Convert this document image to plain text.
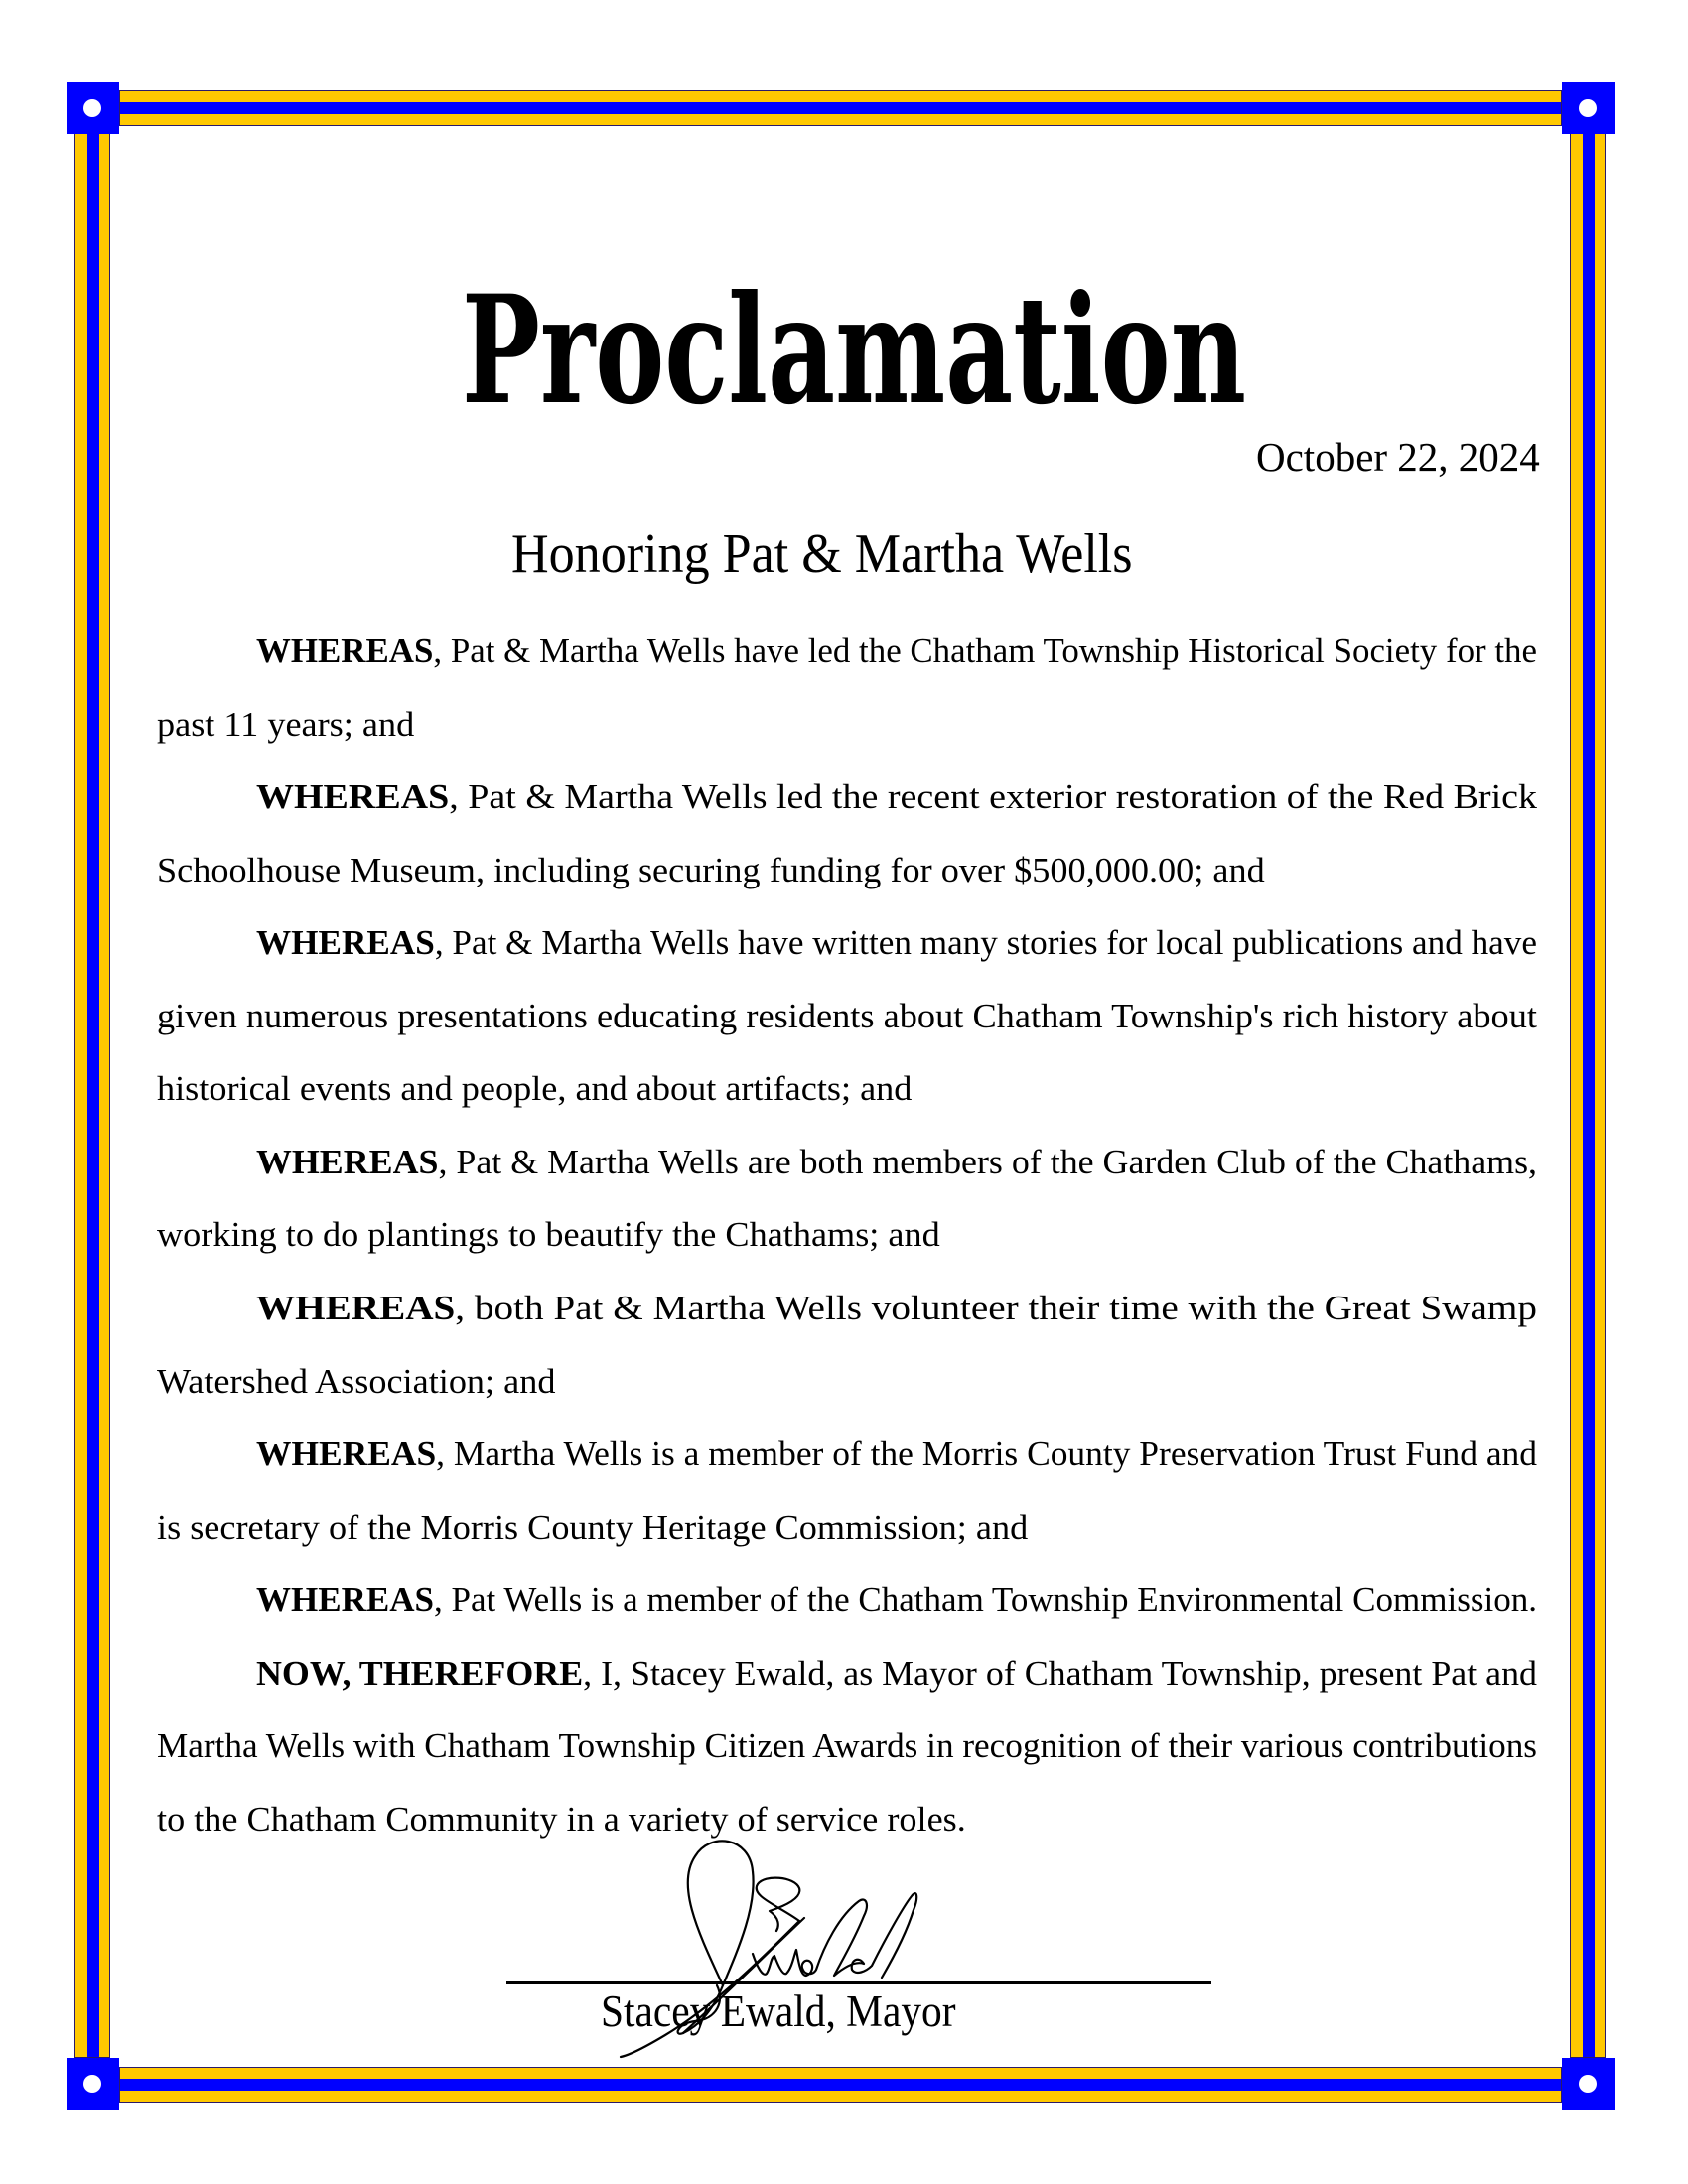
Proclamation
October 22, 2024
Honoring Pat & Martha Wells
WHEREAS, Pat & Martha Wells have led the Chatham Township Historical Society for the
past 11 years; and
WHEREAS, Pat & Martha Wells led the recent exterior restoration of the Red Brick
Schoolhouse Museum, including securing funding for over $500,000.00; and
WHEREAS, Pat & Martha Wells have written many stories for local publications and have
given numerous presentations educating residents about Chatham Township's rich history about
historical events and people, and about artifacts; and
WHEREAS, Pat & Martha Wells are both members of the Garden Club of the Chathams,
working to do plantings to beautify the Chathams; and
WHEREAS, both Pat & Martha Wells volunteer their time with the Great Swamp
Watershed Association; and
WHEREAS, Martha Wells is a member of the Morris County Preservation Trust Fund and
is secretary of the Morris County Heritage Commission; and
WHEREAS, Pat Wells is a member of the Chatham Township Environmental Commission.
NOW, THEREFORE, I, Stacey Ewald, as Mayor of Chatham Township, present Pat and
Martha Wells with Chatham Township Citizen Awards in recognition of their various contributions
to the Chatham Community in a variety of service roles.
Stacey Ewald, Mayor
